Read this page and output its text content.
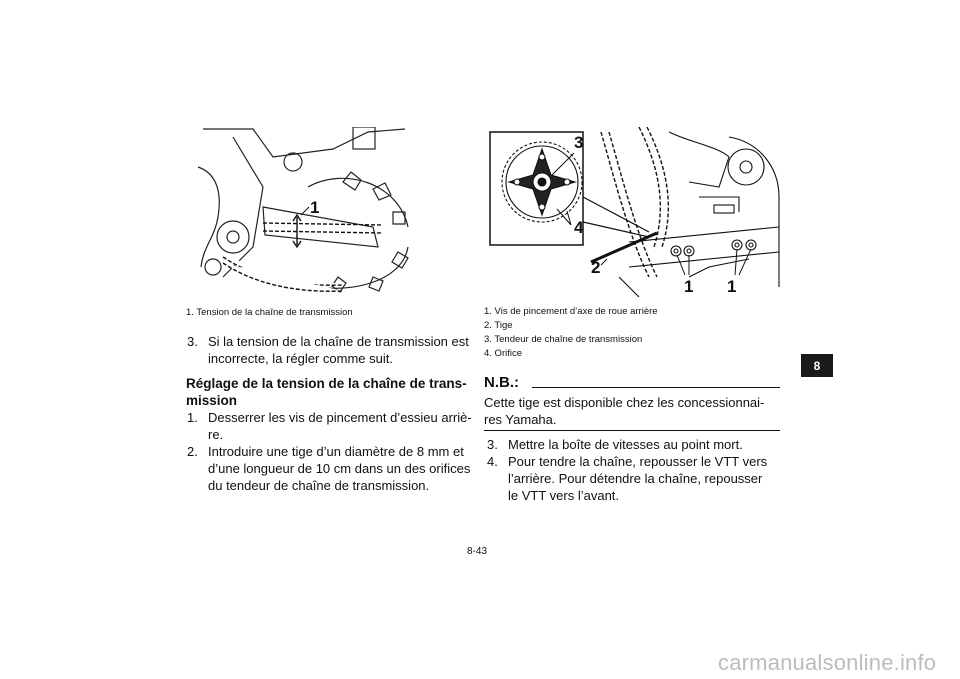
1
3
4
2
1 1
1. Tension de la chaîne de transmission
3. Si la tension de la chaîne de transmission est
incorrecte, la régler comme suit.
Réglage de la tension de la chaîne de trans-
mission
1. Desserrer les vis de pincement d’essieu arriè-
re.
2. Introduire une tige d’un diamètre de 8 mm et
d’une longueur de 10 cm dans un des orifices
du tendeur de chaîne de transmission.
1. Vis de pincement d’axe de roue arrière
2. Tige
3. Tendeur de chaîne de transmission
4. Orifice
N.B.:
Cette tige est disponible chez les concessionnai-
res Yamaha.
3. Mettre la boîte de vitesses au point mort.
4. Pour tendre la chaîne, repousser le VTT vers
l’arrière. Pour détendre la chaîne, repousser
le VTT vers l’avant.
8
8-43
carmanualsonline.info
